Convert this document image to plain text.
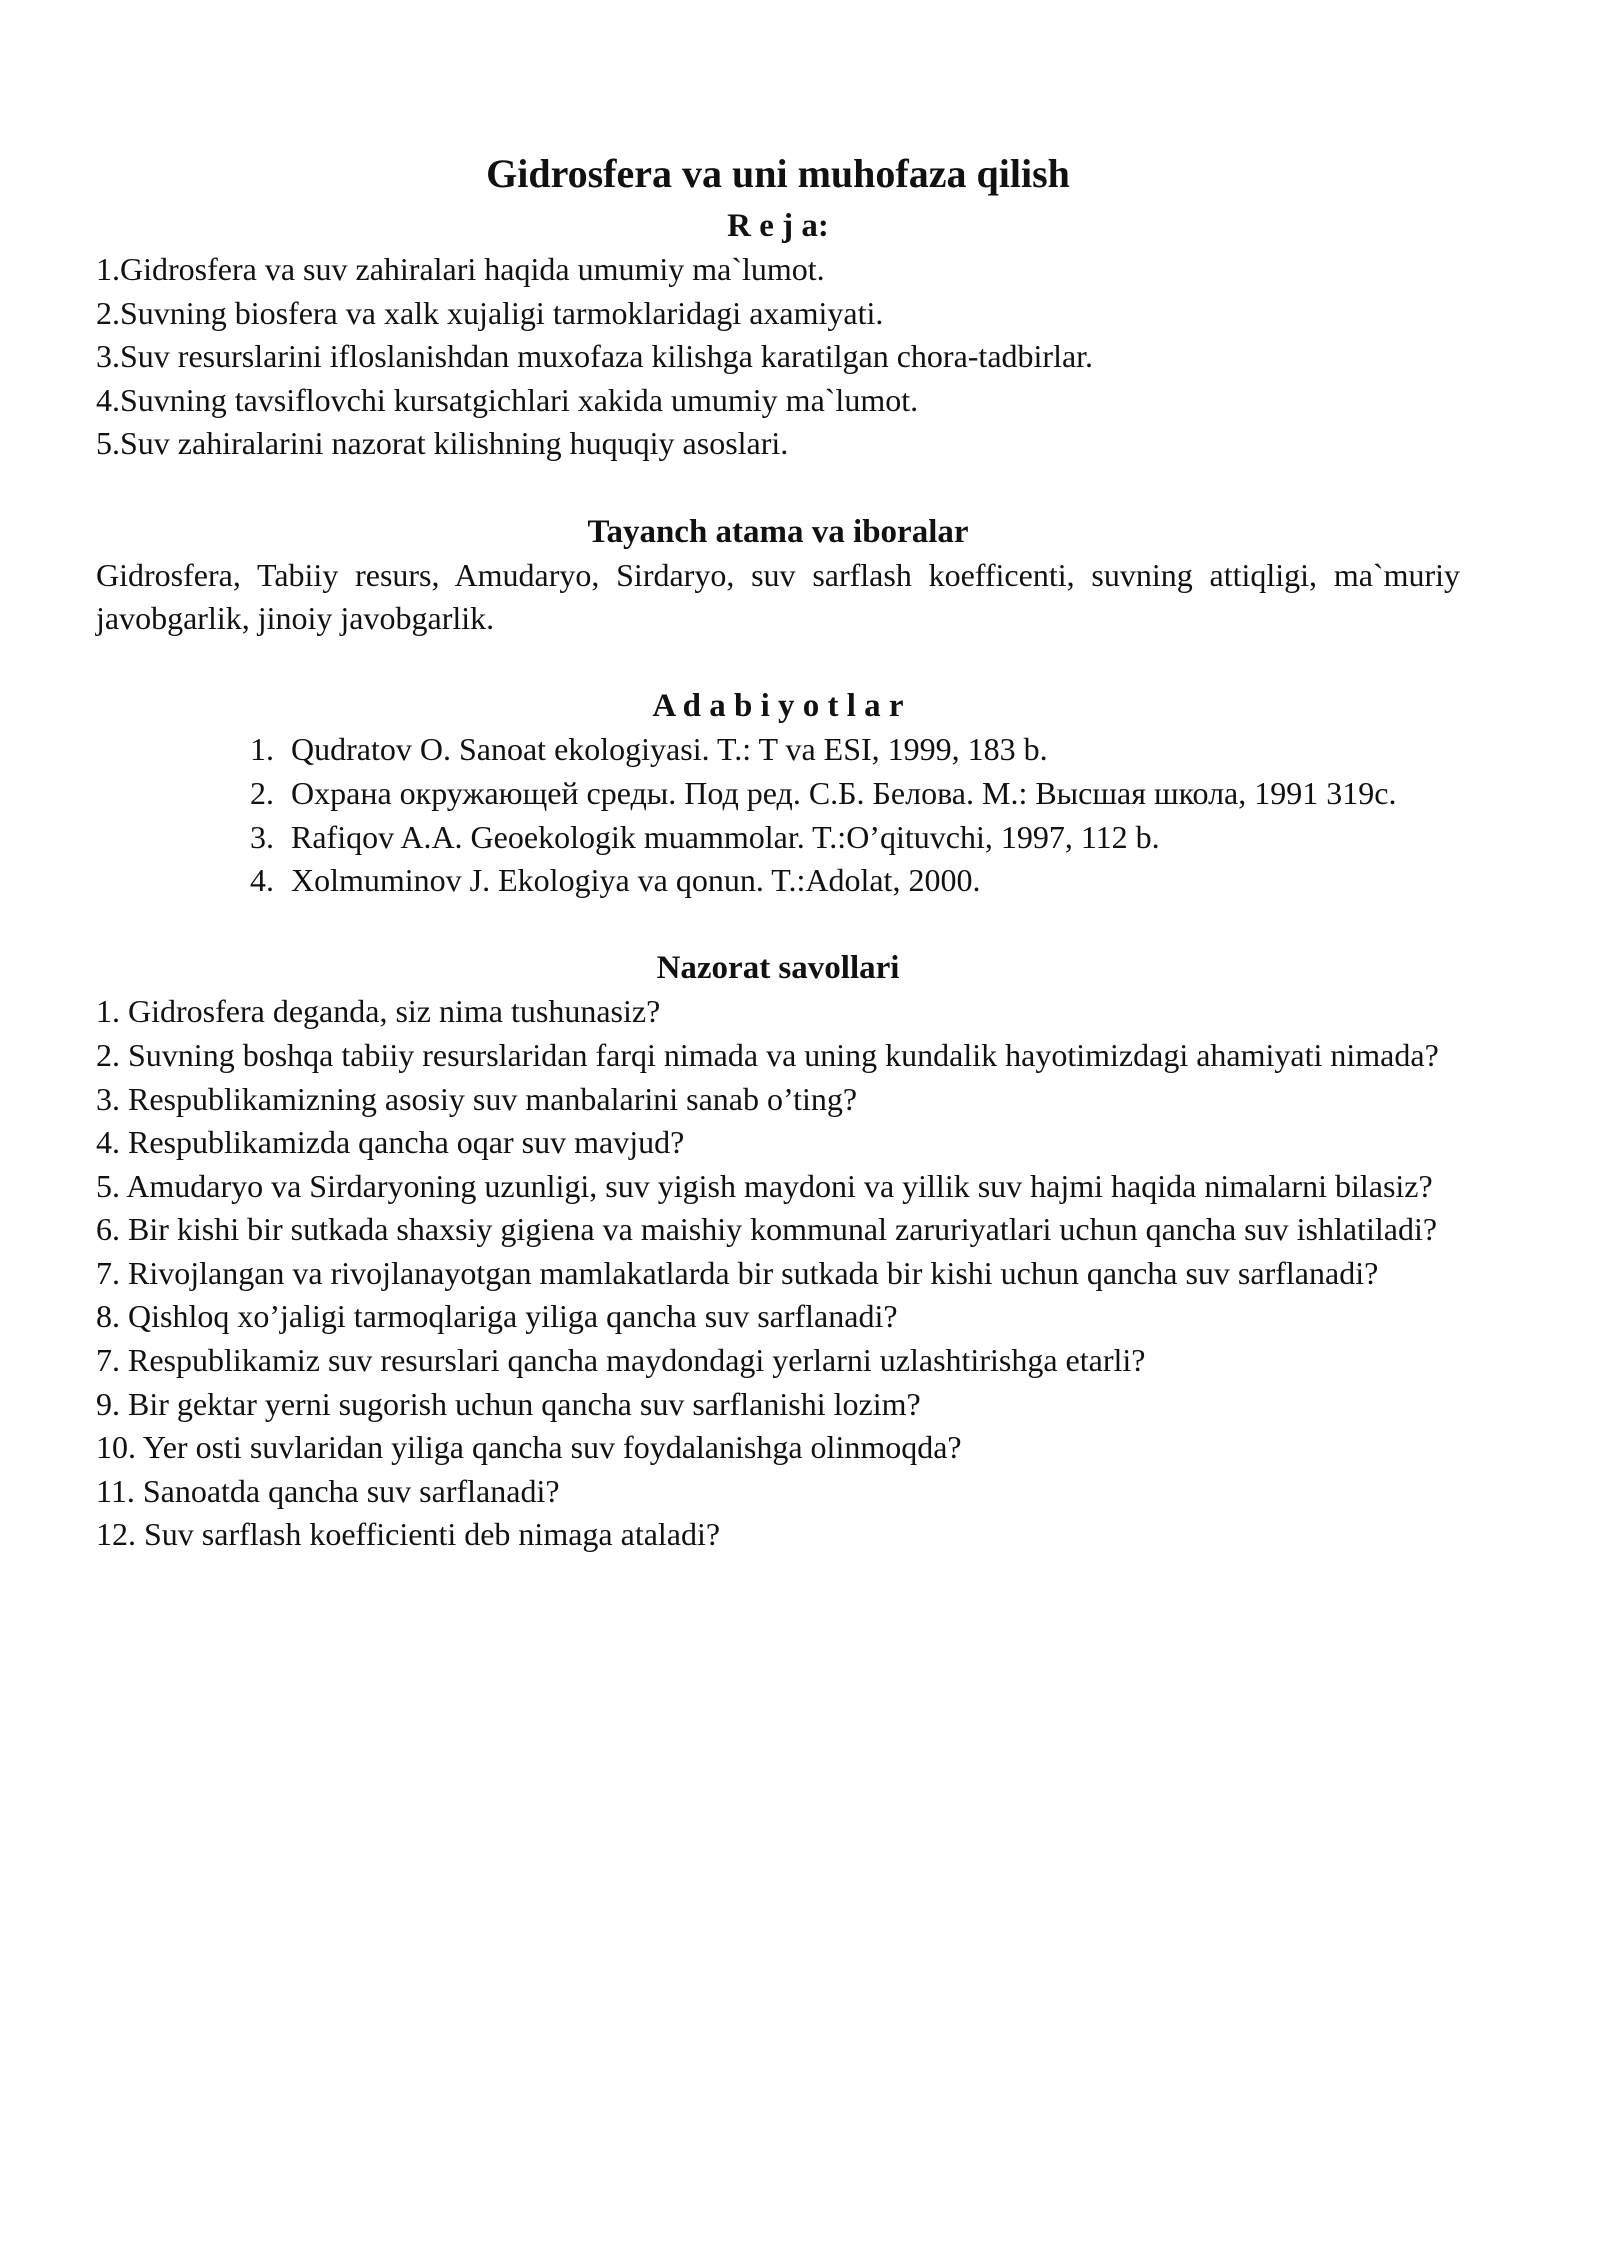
Gidrosfera va uni muhofaza qilish
R e j a:

1.Gidrosfera va suv zahiralari haqida umumiy ma`lumot.

2.Suvning biosfera va xalk xujaligi tarmoklaridagi axamiyati.

3.Suv resurslarini ifloslanishdan muxofaza kilishga karatilgan chora-tadbirlar.

4.Suvning tavsiflovchi kursatgichlari xakida umumiy ma`lumot.

5.Suv zahiralarini nazorat kilishning huquqiy asoslari.

Tayanch atama va iboralar

Gidrosfera, Tabiiy resurs, Amudaryo, Sirdaryo, suv sarflash koefficenti, suvning attiqligi, ma`muriy javobgarlik, jinoiy javobgarlik.

A d a b i y o t l a r
1. Qudratov O. Sanoat ekologiyasi. T.: T va ESI, 1999, 183 b.
2. Охрана окружающей среды. Под ред. С.Б. Белова. М.: Высшая школа, 1991 319с.
3. Rafiqov A.A. Geoekologik muammolar. T.:O’qituvchi, 1997, 112 b.
4. Xolmuminov J. Ekologiya va qonun. T.:Adolat, 2000.
Nazorat savollari

1. Gidrosfera deganda, siz nima tushunasiz?

2. Suvning boshqa tabiiy resurslaridan farqi nimada va uning kundalik hayotimizdagi ahamiyati nimada?

3. Respublikamizning asosiy suv manbalarini sanab o’ting?

4. Respublikamizda qancha oqar suv mavjud?

5. Amudaryo va Sirdaryoning uzunligi, suv yigish maydoni va yillik suv hajmi haqida nimalarni bilasiz?

6. Bir kishi bir sutkada shaxsiy gigiena va maishiy kommunal zaruriyatlari uchun qancha suv ishlatiladi?

7. Rivojlangan va rivojlanayotgan mamlakatlarda bir sutkada bir kishi uchun qancha suv sarflanadi?

8. Qishloq xo’jaligi tarmoqlariga yiliga qancha suv sarflanadi?

7. Respublikamiz suv resurslari qancha maydondagi yerlarni uzlashtirishga etarli?

9. Bir gektar yerni sugorish uchun qancha suv sarflanishi lozim?

10. Yer osti suvlaridan yiliga qancha suv foydalanishga olinmoqda?

11. Sanoatda qancha suv sarflanadi?

12. Suv sarflash koefficienti deb nimaga ataladi?
